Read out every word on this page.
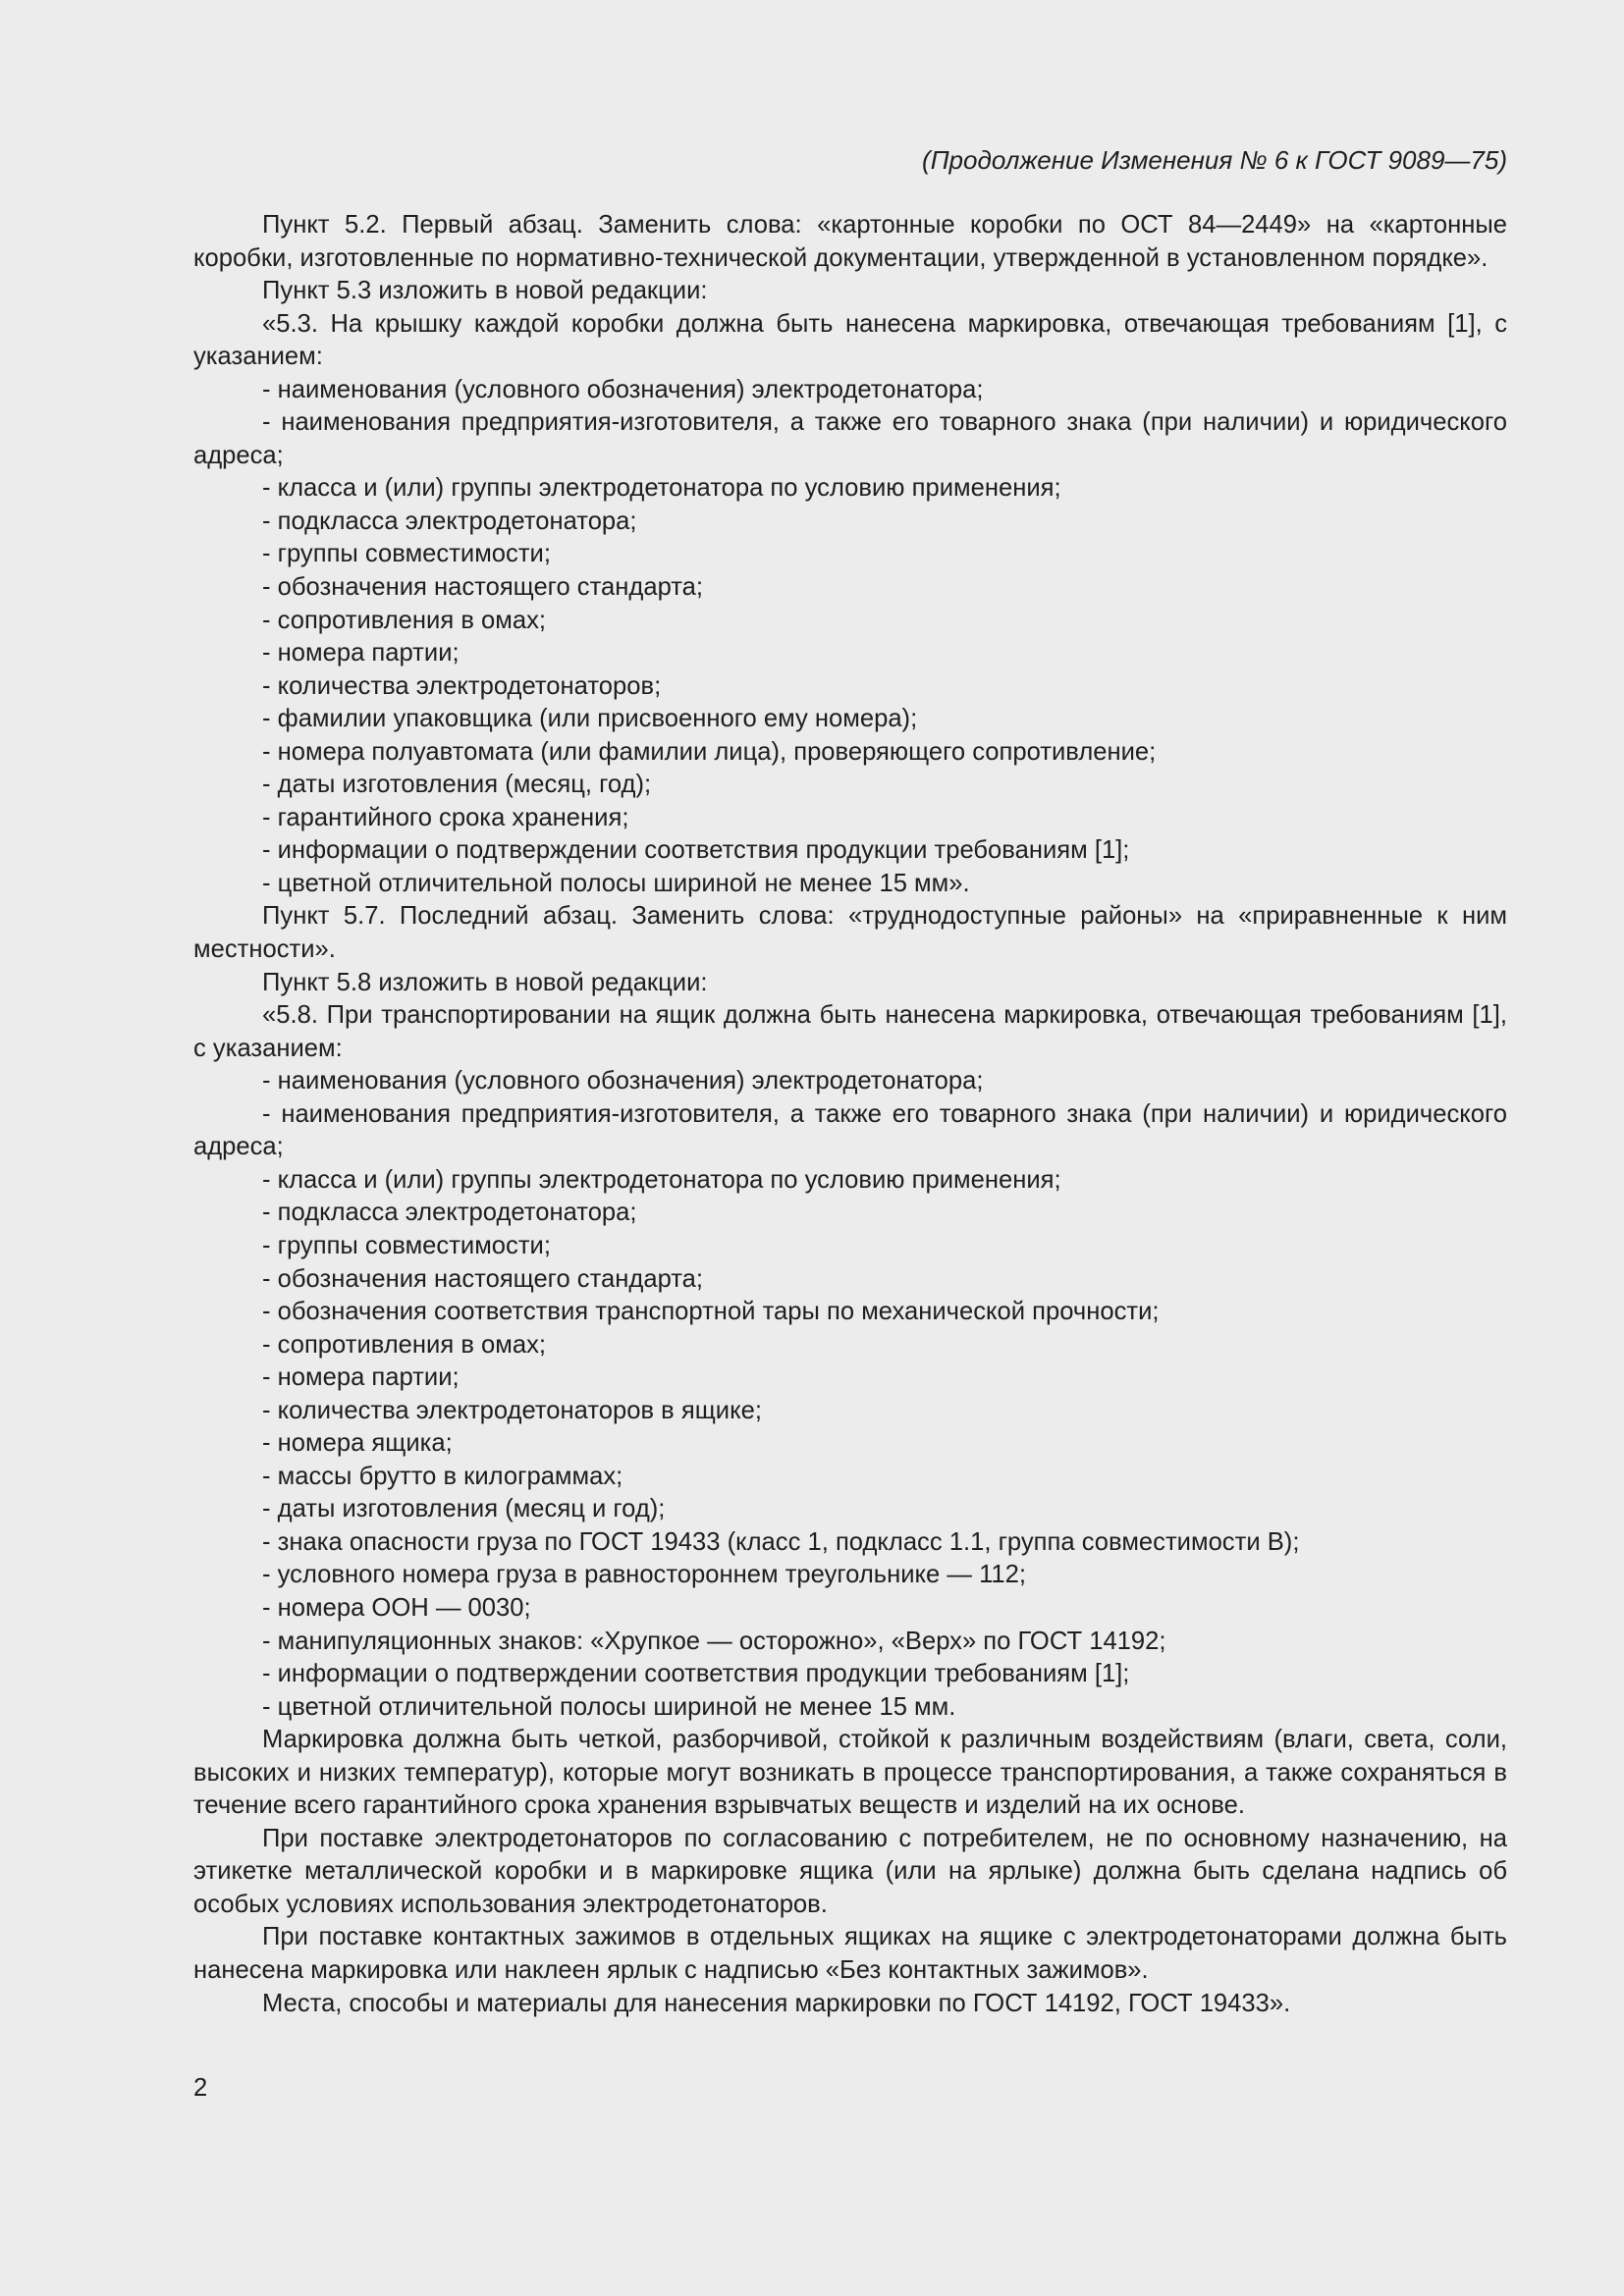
(Продолжение Изменения № 6 к ГОСТ 9089—75)

Пункт 5.2. Первый абзац. Заменить слова: «картонные коробки по ОСТ 84—2449» на «картонные коробки, изготовленные по нормативно-технической документации, утвержденной в установленном порядке».

Пункт 5.3 изложить в новой редакции:

«5.3. На крышку каждой коробки должна быть нанесена маркировка, отвечающая требованиям [1], с указанием:

- наименования (условного обозначения) электродетонатора;

- наименования предприятия-изготовителя, а также его товарного знака (при наличии) и юридического адреса;

- класса и (или) группы электродетонатора по условию применения;

- подкласса электродетонатора;

- группы совместимости;

- обозначения настоящего стандарта;

- сопротивления в омах;

- номера партии;

- количества электродетонаторов;

- фамилии упаковщика (или присвоенного ему номера);

- номера полуавтомата (или фамилии лица), проверяющего сопротивление;

- даты изготовления (месяц, год);

- гарантийного срока хранения;

- информации о подтверждении соответствия продукции требованиям [1];

- цветной отличительной полосы шириной не менее 15 мм».

Пункт 5.7. Последний абзац. Заменить слова: «труднодоступные районы» на «приравненные к ним местности».

Пункт 5.8 изложить в новой редакции:

«5.8. При транспортировании на ящик должна быть нанесена маркировка, отвечающая требованиям [1], с указанием:

- наименования (условного обозначения) электродетонатора;

- наименования предприятия-изготовителя, а также его товарного знака (при наличии) и юридического адреса;

- класса и (или) группы электродетонатора по условию применения;

- подкласса электродетонатора;

- группы совместимости;

- обозначения настоящего стандарта;

- обозначения соответствия транспортной тары по механической прочности;

- сопротивления в омах;

- номера партии;

- количества электродетонаторов в ящике;

- номера ящика;

- массы брутто в килограммах;

- даты изготовления (месяц и год);

- знака опасности груза по ГОСТ 19433 (класс 1, подкласс 1.1, группа совместимости В);

- условного номера груза в равностороннем треугольнике — 112;

- номера ООН — 0030;

- манипуляционных знаков: «Хрупкое — осторожно», «Верх» по ГОСТ 14192;

- информации о подтверждении соответствия продукции требованиям [1];

- цветной отличительной полосы шириной не менее 15 мм.

Маркировка должна быть четкой, разборчивой, стойкой к различным воздействиям (влаги, света, соли, высоких и низких температур), которые могут возникать в процессе транспортирования, а также сохраняться в течение всего гарантийного срока хранения взрывчатых веществ и изделий на их основе.

При поставке электродетонаторов по согласованию с потребителем, не по основному назначению, на этикетке металлической коробки и в маркировке ящика (или на ярлыке) должна быть сделана надпись об особых условиях использования электродетонаторов.

При поставке контактных зажимов в отдельных ящиках на ящике с электродетонаторами должна быть нанесена маркировка или наклеен ярлык с надписью «Без контактных зажимов».

Места, способы и материалы для нанесения маркировки по ГОСТ 14192, ГОСТ 19433».

2
